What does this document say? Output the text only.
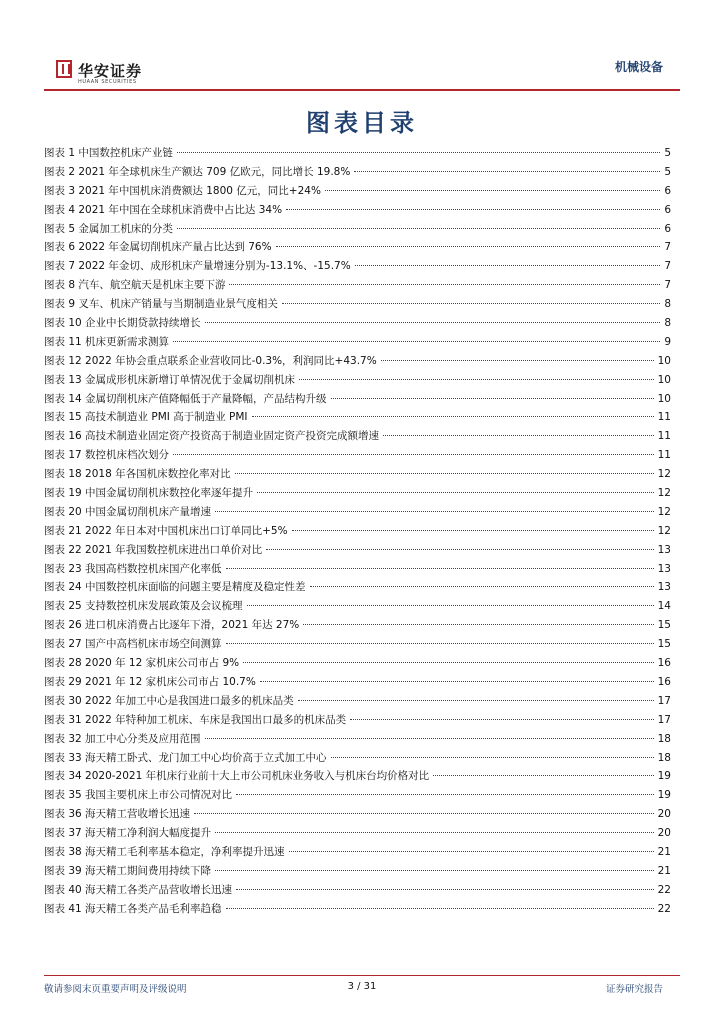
华安证券
HUAAN SECURITIES
机械设备
图表目录
图表 1 中国数控机床产业链	5
图表 2 2021 年全球机床生产额达 709 亿欧元，同比增长 19.8%	5
图表 3 2021 年中国机床消费额达 1800 亿元，同比+24%	6
图表 4 2021 年中国在全球机床消费中占比达 34%	6
图表 5 金属加工机床的分类	6
图表 6 2022 年金属切削机床产量占比达到 76%	7
图表 7 2022 年金切、成形机床产量增速分别为-13.1%、-15.7%	7
图表 8 汽车、航空航天是机床主要下游	7
图表 9 叉车、机床产销量与当期制造业景气度相关	8
图表 10 企业中长期贷款持续增长	8
图表 11 机床更新需求测算	9
图表 12 2022 年协会重点联系企业营收同比-0.3%，利润同比+43.7%	10
图表 13 金属成形机床新增订单情况优于金属切削机床	10
图表 14 金属切削机床产值降幅低于产量降幅，产品结构升级	10
图表 15 高技术制造业 PMI 高于制造业 PMI	11
图表 16 高技术制造业固定资产投资高于制造业固定资产投资完成额增速	11
图表 17 数控机床档次划分	11
图表 18 2018 年各国机床数控化率对比	12
图表 19 中国金属切削机床数控化率逐年提升	12
图表 20 中国金属切削机床产量增速	12
图表 21 2022 年日本对中国机床出口订单同比+5%	12
图表 22 2021 年我国数控机床进出口单价对比	13
图表 23 我国高档数控机床国产化率低	13
图表 24 中国数控机床面临的问题主要是精度及稳定性差	13
图表 25 支持数控机床发展政策及会议梳理	14
图表 26 进口机床消费占比逐年下滑，2021 年达 27%	15
图表 27 国产中高档机床市场空间测算	15
图表 28 2020 年 12 家机床公司市占 9%	16
图表 29 2021 年 12 家机床公司市占 10.7%	16
图表 30 2022 年加工中心是我国进口最多的机床品类	17
图表 31 2022 年特种加工机床、车床是我国出口最多的机床品类	17
图表 32 加工中心分类及应用范围	18
图表 33 海天精工卧式、龙门加工中心均价高于立式加工中心	18
图表 34 2020-2021 年机床行业前十大上市公司机床业务收入与机床台均价格对比	19
图表 35 我国主要机床上市公司情况对比	19
图表 36 海天精工营收增长迅速	20
图表 37 海天精工净利润大幅度提升	20
图表 38 海天精工毛利率基本稳定，净利率提升迅速	21
图表 39 海天精工期间费用持续下降	21
图表 40 海天精工各类产品营收增长迅速	22
图表 41 海天精工各类产品毛利率趋稳	22
敬请参阅末页重要声明及评级说明	3 / 31	证券研究报告
